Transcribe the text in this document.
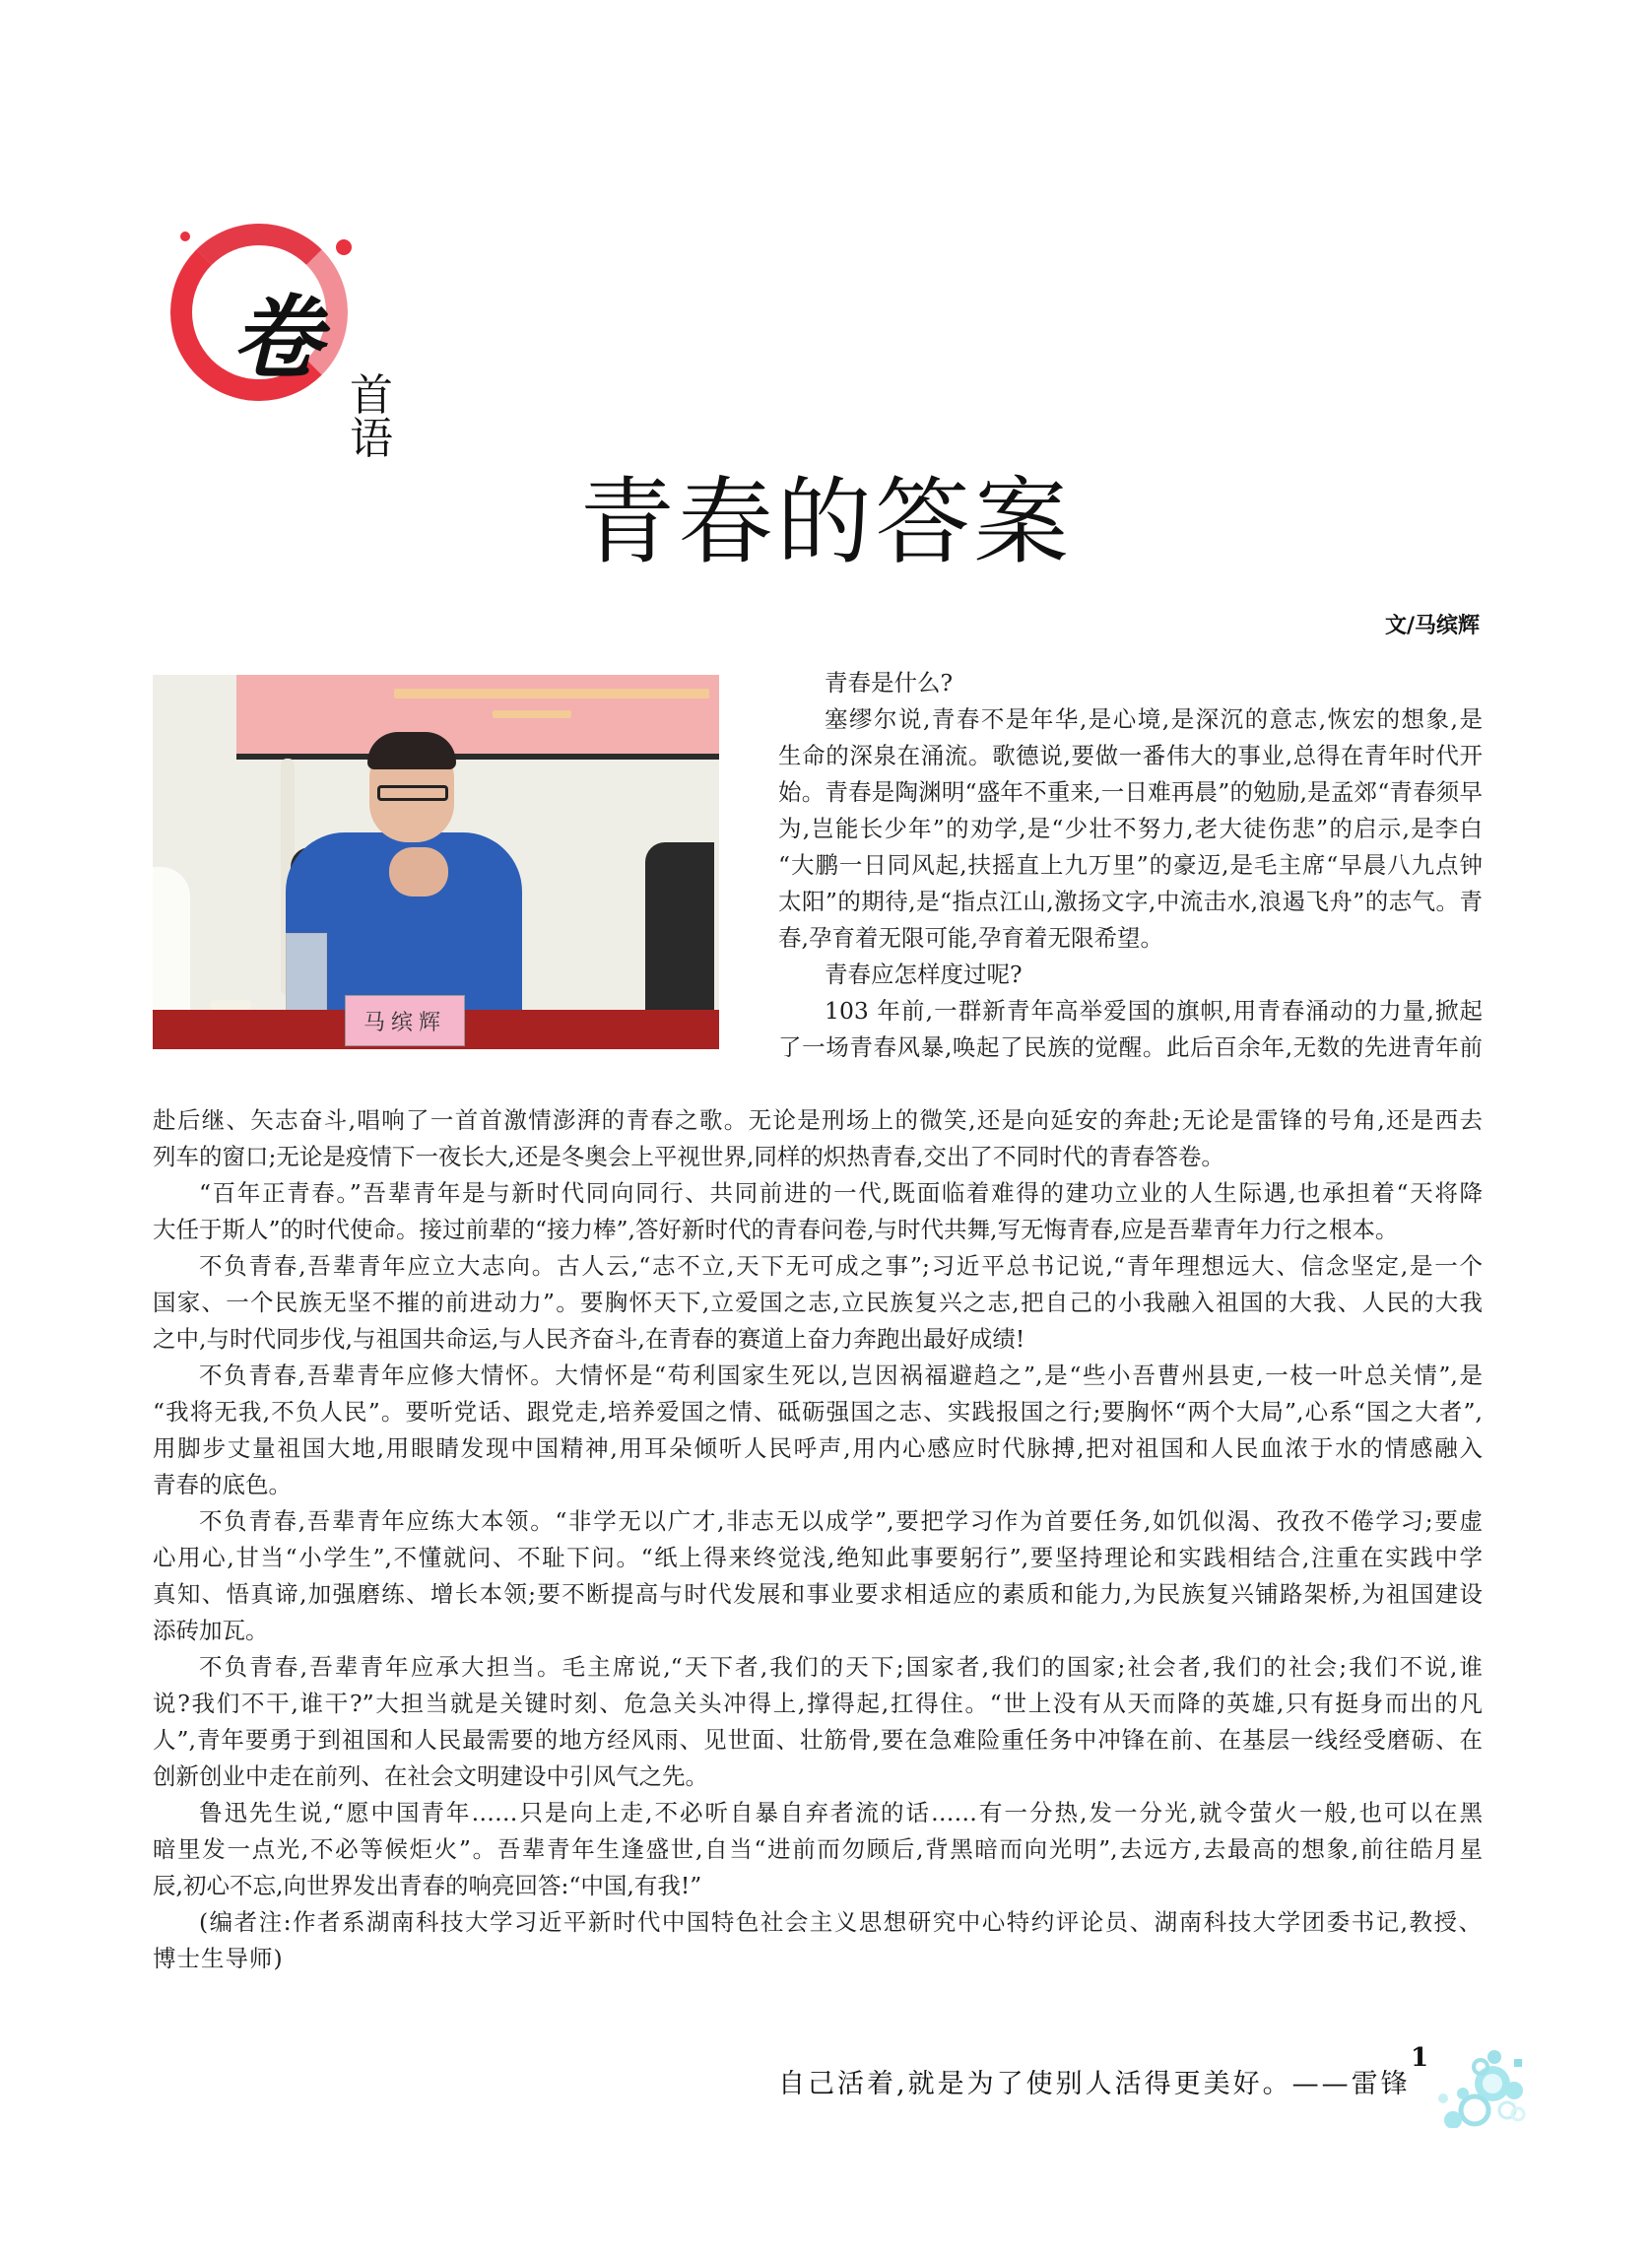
卷
首语
青春的答案
文/马缤辉
马缤辉
青春是什么?
塞缪尔说,青春不是年华,是心境,是深沉的意志,恢宏的想象,是
生命的深泉在涌流。歌德说,要做一番伟大的事业,总得在青年时代开
始。青春是陶渊明“盛年不重来,一日难再晨”的勉励,是孟郊“青春须早
为,岂能长少年”的劝学,是“少壮不努力,老大徒伤悲”的启示,是李白
“大鹏一日同风起,扶摇直上九万里”的豪迈,是毛主席“早晨八九点钟
太阳”的期待,是“指点江山,激扬文字,中流击水,浪遏飞舟”的志气。青
春,孕育着无限可能,孕育着无限希望。
青春应怎样度过呢?
103 年前,一群新青年高举爱国的旗帜,用青春涌动的力量,掀起
了一场青春风暴,唤起了民族的觉醒。此后百余年,无数的先进青年前
赴后继、矢志奋斗,唱响了一首首激情澎湃的青春之歌。无论是刑场上的微笑,还是向延安的奔赴;无论是雷锋的号角,还是西去
列车的窗口;无论是疫情下一夜长大,还是冬奥会上平视世界,同样的炽热青春,交出了不同时代的青春答卷。
“百年正青春。”吾辈青年是与新时代同向同行、共同前进的一代,既面临着难得的建功立业的人生际遇,也承担着“天将降
大任于斯人”的时代使命。接过前辈的“接力棒”,答好新时代的青春问卷,与时代共舞,写无悔青春,应是吾辈青年力行之根本。
不负青春,吾辈青年应立大志向。古人云,“志不立,天下无可成之事”;习近平总书记说,“青年理想远大、信念坚定,是一个
国家、一个民族无坚不摧的前进动力”。要胸怀天下,立爱国之志,立民族复兴之志,把自己的小我融入祖国的大我、人民的大我
之中,与时代同步伐,与祖国共命运,与人民齐奋斗,在青春的赛道上奋力奔跑出最好成绩!
不负青春,吾辈青年应修大情怀。大情怀是“苟利国家生死以,岂因祸福避趋之”,是“些小吾曹州县吏,一枝一叶总关情”,是
“我将无我,不负人民”。要听党话、跟党走,培养爱国之情、砥砺强国之志、实践报国之行;要胸怀“两个大局”,心系“国之大者”,
用脚步丈量祖国大地,用眼睛发现中国精神,用耳朵倾听人民呼声,用内心感应时代脉搏,把对祖国和人民血浓于水的情感融入
青春的底色。
不负青春,吾辈青年应练大本领。“非学无以广才,非志无以成学”,要把学习作为首要任务,如饥似渴、孜孜不倦学习;要虚
心用心,甘当“小学生”,不懂就问、不耻下问。“纸上得来终觉浅,绝知此事要躬行”,要坚持理论和实践相结合,注重在实践中学
真知、悟真谛,加强磨练、增长本领;要不断提高与时代发展和事业要求相适应的素质和能力,为民族复兴铺路架桥,为祖国建设
添砖加瓦。
不负青春,吾辈青年应承大担当。毛主席说,“天下者,我们的天下;国家者,我们的国家;社会者,我们的社会;我们不说,谁
说?我们不干,谁干?”大担当就是关键时刻、危急关头冲得上,撑得起,扛得住。“世上没有从天而降的英雄,只有挺身而出的凡
人”,青年要勇于到祖国和人民最需要的地方经风雨、见世面、壮筋骨,要在急难险重任务中冲锋在前、在基层一线经受磨砺、在
创新创业中走在前列、在社会文明建设中引风气之先。
鲁迅先生说,“愿中国青年……只是向上走,不必听自暴自弃者流的话……有一分热,发一分光,就令萤火一般,也可以在黑
暗里发一点光,不必等候炬火”。吾辈青年生逢盛世,自当“进前而勿顾后,背黑暗而向光明”,去远方,去最高的想象,前往皓月星
辰,初心不忘,向世界发出青春的响亮回答:“中国,有我!”
(编者注:作者系湖南科技大学习近平新时代中国特色社会主义思想研究中心特约评论员、湖南科技大学团委书记,教授、
博士生导师)
自己活着,就是为了使别人活得更美好。——雷锋
1
